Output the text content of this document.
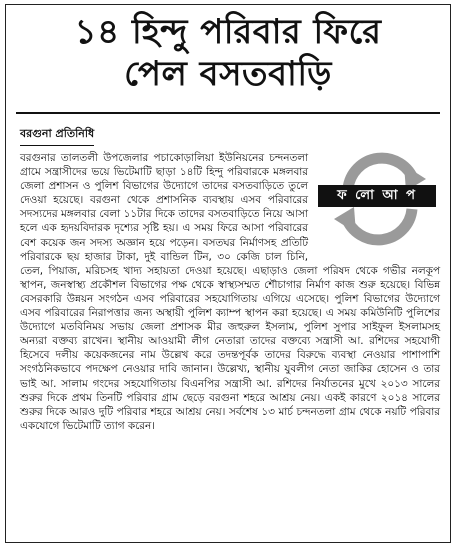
১৪ হিন্দু পরিবার ফিরে
পেল বসতবাড়ি
বরগুনা প্রতিনিধি

ফ লো আ প
বরগুনার তালতলী উপজেলার পচাকোড়ালিয়া ইউনিয়নের চন্দনতলা গ্রামে সন্ত্রাসীদের ভয়ে ভিটেমাটি ছাড়া ১৪টি হিন্দু পরিবারকে মঙ্গলবার জেলা প্রশাসন ও পুলিশ বিভাগের উদ্যোগে তাদের বসতবাড়িতে তুলে দেওয়া হয়েছে। বরগুনা থেকে প্রশাসনিক ব্যবস্থায় এসব পরিবারের সদস্যদের মঙ্গলবার বেলা ১১টার দিকে তাদের বসতবাড়িতে নিয়ে আসা হলে এক হৃদয়বিদারক দৃশ্যের সৃষ্টি হয়। এ সময় ফিরে আসা পরিবারের বেশ কয়েক জন সদস্য অজ্ঞান হয়ে পড়েন। বসতঘর নির্মাণসহ প্রতিটি পরিবারকে ছয় হাজার টাকা, দুই বান্ডিল টিন, ৩০ কেজি চাল চিনি, তেল, পিয়াজ, মরিচসহ খাদ্য সহায়তা দেওয়া হয়েছে। এছাড়াও জেলা পরিষদ থেকে গভীর নলকূপ স্থাপন, জনস্বাস্থ্য প্রকৌশল বিভাগের পক্ষ থেকে স্বাস্থ্যসম্মত শৌচাগার নির্মাণ কাজ শুরু হয়েছে। বিভিন্ন বেসরকারি উন্নয়ন সংগঠন এসব পরিবারের সহযোগিতায় এগিয়ে এসেছে। পুলিশ বিভাগের উদ্যোগে এসব পরিবারের নিরাপত্তার জন্য অস্থায়ী পুলিশ ক্যাম্প স্থাপন করা হয়েছে। এ সময় কমিউনিটি পুলিশের উদ্যোগে মতবিনিময় সভায় জেলা প্রশাসক মীর জহুরুল ইসলাম, পুলিশ সুপার সাইফুল ইসলামসহ অন্যরা বক্তব্য রাখেন। স্থানীয় আওয়ামী লীগ নেতারা তাদের বক্তব্যে সন্ত্রাসী আ. রশিদের সহযোগী হিসেবে দলীয় কয়েকজনের নাম উল্লেখ করে তদন্তপূর্বক তাদের বিরুদ্ধে ব্যবস্থা নেওয়ার পাশাপাশি সংগঠনিকভাবে পদক্ষেপ নেওয়ার দাবি জানান। উল্লেখ্য, স্থানীয় যুবলীগ নেতা জাকির হোসেন ও তার ভাই আ. সালাম গংদের সহযোগিতায় বিএনপির সন্ত্রাসী আ. রশিদের নির্যাতনের মুখে ২০১৩ সালের শুরুর দিকে প্রথম তিনটি পরিবার গ্রাম ছেড়ে বরগুনা শহরে আশ্রয় নেয়। একই কারণে ২০১৪ সালের শুরুর দিকে আরও দুটি পরিবার শহরে আশ্রয় নেয়। সর্বশেষ ১৩ মার্চ চন্দনতলা গ্রাম থেকে নয়টি পরিবার একযোগে ভিটেমাটি ত্যাগ করেন।
